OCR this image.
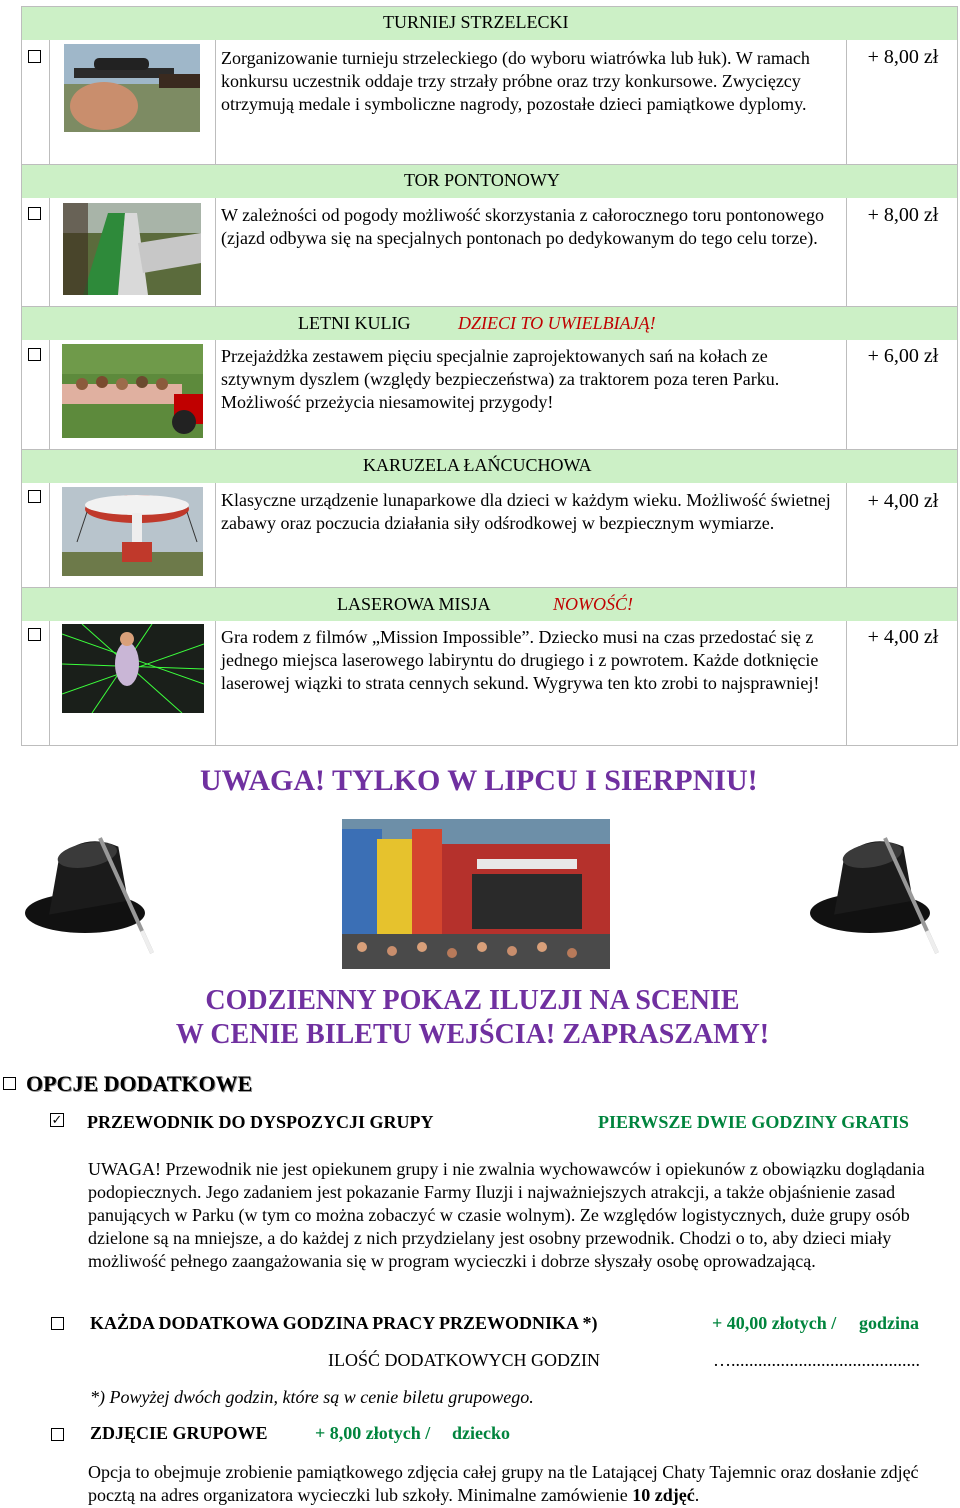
TURNIEJ STRZELECKI
Zorganizowanie turnieju strzeleckiego (do wyboru wiatrówka lub łuk). W ramach konkursu uczestnik oddaje trzy strzały próbne oraz trzy konkursowe. Zwycięzcy otrzymują medale i symboliczne nagrody, pozostałe dzieci pamiątkowe dyplomy.
+ 8,00 zł
TOR PONTONOWY
W zależności od pogody możliwość skorzystania z całorocznego toru pontonowego (zjazd odbywa się na specjalnych pontonach po dedykowanym do tego celu torze).
+ 8,00 zł
LETNI KULIG	DZIECI TO UWIELBIAJĄ!
Przejażdżka zestawem pięciu specjalnie zaprojektowanych sań na kołach ze sztywnym dyszlem (względy bezpieczeństwa) za traktorem poza teren Parku. Możliwość przeżycia niesamowitej przygody!
+ 6,00 zł
KARUZELA ŁAŃCUCHOWA
Klasyczne urządzenie lunaparkowe dla dzieci w każdym wieku. Możliwość świetnej zabawy oraz poczucia działania siły odśrodkowej w bezpiecznym wymiarze.
+ 4,00 zł
LASEROWA MISJA	NOWOŚĆ!
Gra rodem z filmów „Mission Impossible”. Dziecko musi na czas przedostać się z jednego miejsca laserowego labiryntu do drugiego i z powrotem. Każde dotknięcie laserowej wiązki to strata cennych sekund. Wygrywa ten kto zrobi to najsprawniej!
+ 4,00 zł
UWAGA! TYLKO W LIPCU I SIERPNIU!
CODZIENNY POKAZ ILUZJI NA SCENIE
W CENIE BILETU WEJŚCIA! ZAPRASZAMY!
OPCJE DODATKOWE
✓ PRZEWODNIK DO DYSPOZYCJI GRUPY	PIERWSZE DWIE GODZINY GRATIS
UWAGA! Przewodnik nie jest opiekunem grupy i nie zwalnia wychowawców i opiekunów z obowiązku doglądania podopiecznych. Jego zadaniem jest pokazanie Farmy Iluzji i najważniejszych atrakcji, a także objaśnienie zasad panujących w Parku (w tym co można zobaczyć w czasie wolnym). Ze względów logistycznych, duże grupy osób dzielone są na mniejsze, a do każdej z nich przydzielany jest osobny przewodnik. Chodzi o to, aby dzieci miały możliwość pełnego zaangażowania się w program wycieczki i dobrze słyszały osobę oprowadzającą.
KAŻDA DODATKOWA GODZINA PRACY PRZEWODNIKA *)	+ 40,00 złotych / godzina
ILOŚĆ DODATKOWYCH GODZIN	…..........................................
*) Powyżej dwóch godzin, które są w cenie biletu grupowego.
ZDJĘCIE GRUPOWE	+ 8,00 złotych / dziecko
Opcja to obejmuje zrobienie pamiątkowego zdjęcia całej grupy na tle Latającej Chaty Tajemnic oraz dosłanie zdjęć pocztą na adres organizatora wycieczki lub szkoły. Minimalne zamówienie 10 zdjęć.
